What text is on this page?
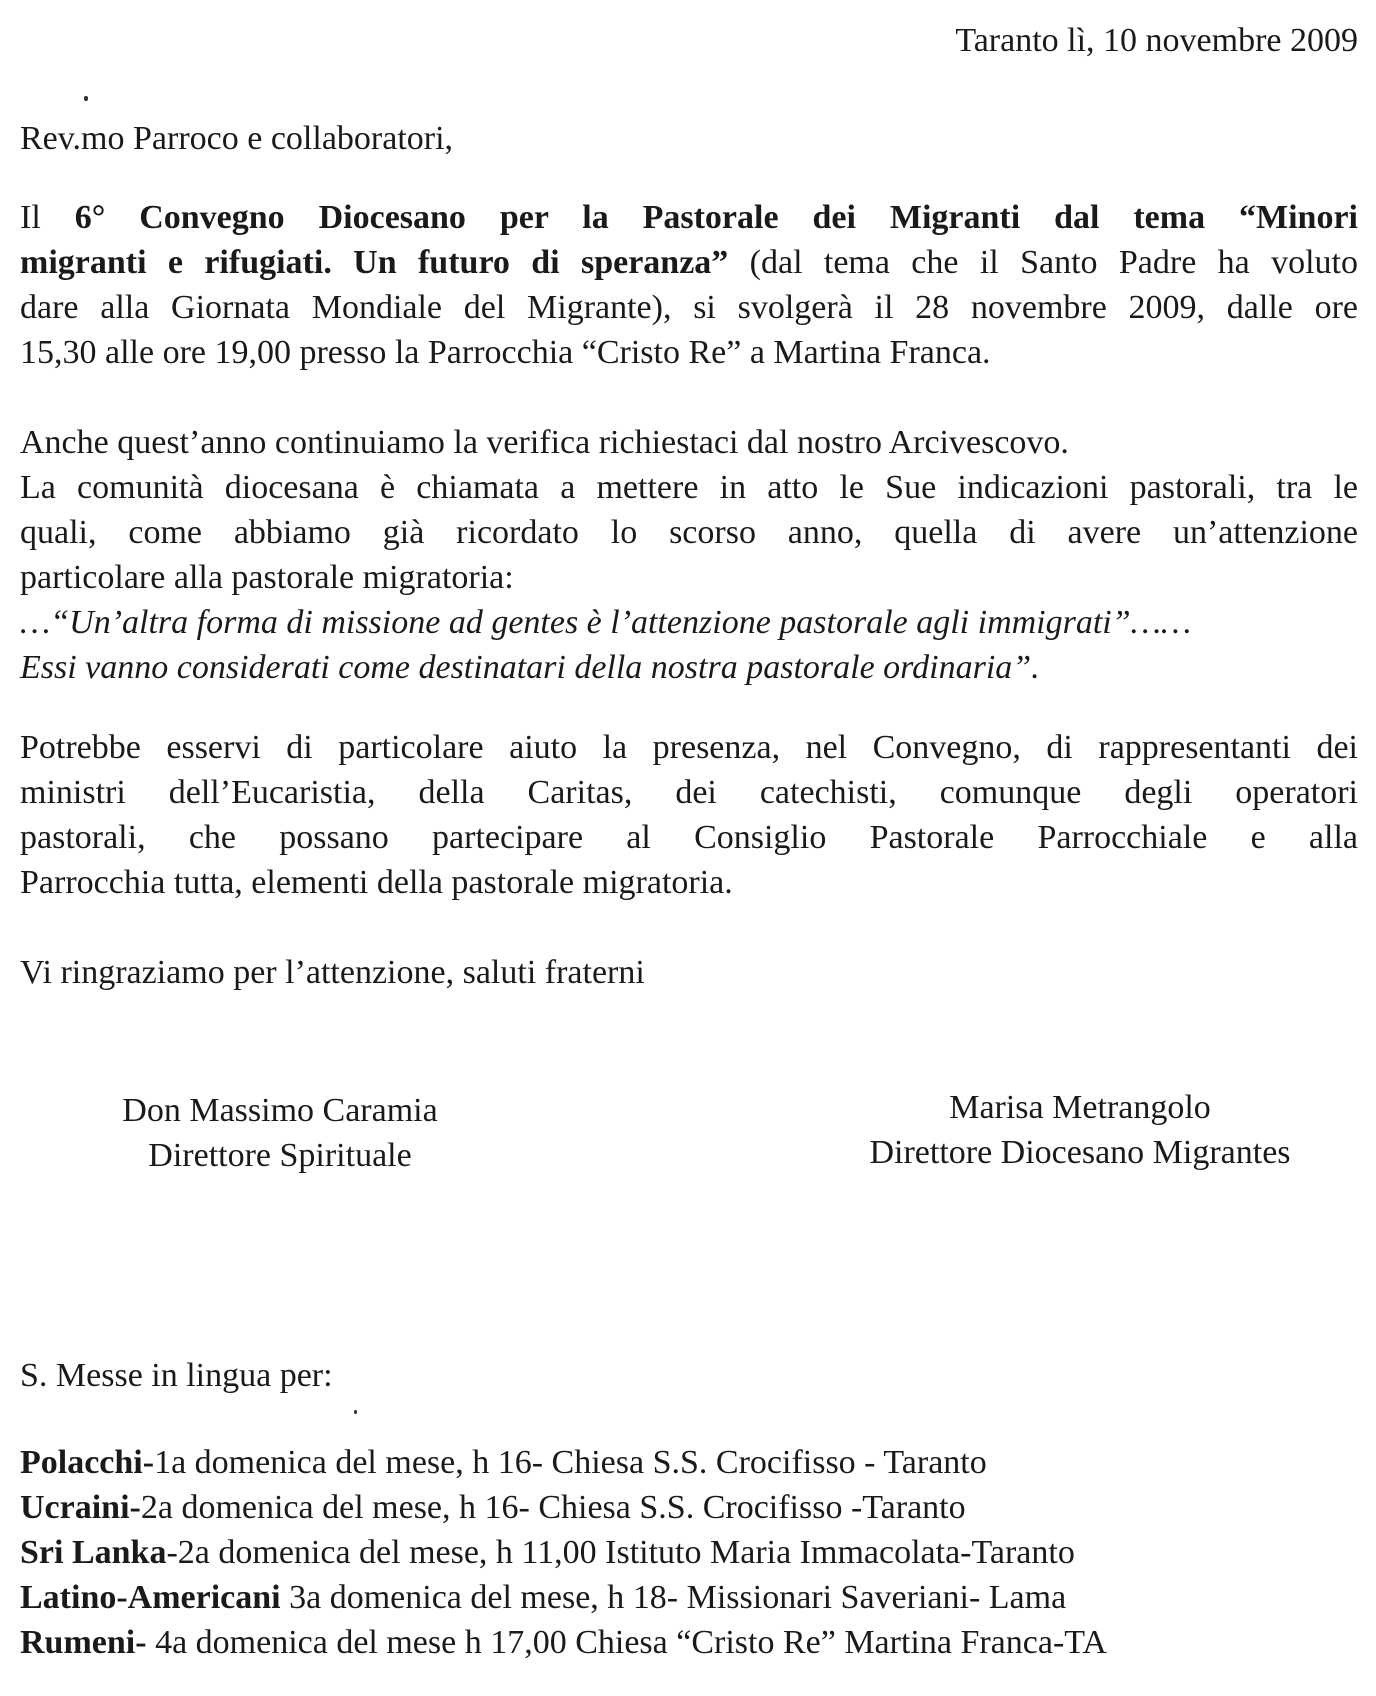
Taranto lì, 10 novembre 2009
Rev.mo Parroco e collaboratori,
Il 6° Convegno Diocesano per la Pastorale dei Migranti dal tema “Minori
migranti e rifugiati. Un futuro di speranza” (dal tema che il Santo Padre ha voluto
dare alla Giornata Mondiale del Migrante), si svolgerà il 28 novembre 2009, dalle ore
15,30 alle ore 19,00 presso la Parrocchia “Cristo Re” a Martina Franca.
Anche quest’anno continuiamo la verifica richiestaci dal nostro Arcivescovo.
La comunità diocesana è chiamata a mettere in atto le Sue indicazioni pastorali, tra le
quali, come abbiamo già ricordato lo scorso anno, quella di avere un’attenzione
particolare alla pastorale migratoria:
…“Un’altra forma di missione ad gentes è l’attenzione pastorale agli immigrati”……
Essi vanno considerati come destinatari della nostra pastorale ordinaria”.
Potrebbe esservi di particolare aiuto la presenza, nel Convegno, di rappresentanti dei
ministri dell’Eucaristia, della Caritas, dei catechisti, comunque degli operatori
pastorali, che possano partecipare al Consiglio Pastorale Parrocchiale e alla
Parrocchia tutta, elementi della pastorale migratoria.
Vi ringraziamo per l’attenzione, saluti fraterni
Don Massimo Caramia
Direttore Spirituale
Marisa Metrangolo
Direttore Diocesano Migrantes
S. Messe in lingua per:
Polacchi-1a domenica del mese, h 16- Chiesa S.S. Crocifisso - Taranto
Ucraini-2a domenica del mese, h 16- Chiesa S.S. Crocifisso -Taranto
Sri Lanka-2a domenica del mese, h 11,00 Istituto Maria Immacolata-Taranto
Latino-Americani 3a domenica del mese, h 18- Missionari Saveriani- Lama
Rumeni- 4a domenica del mese h 17,00 Chiesa “Cristo Re” Martina Franca-TA
